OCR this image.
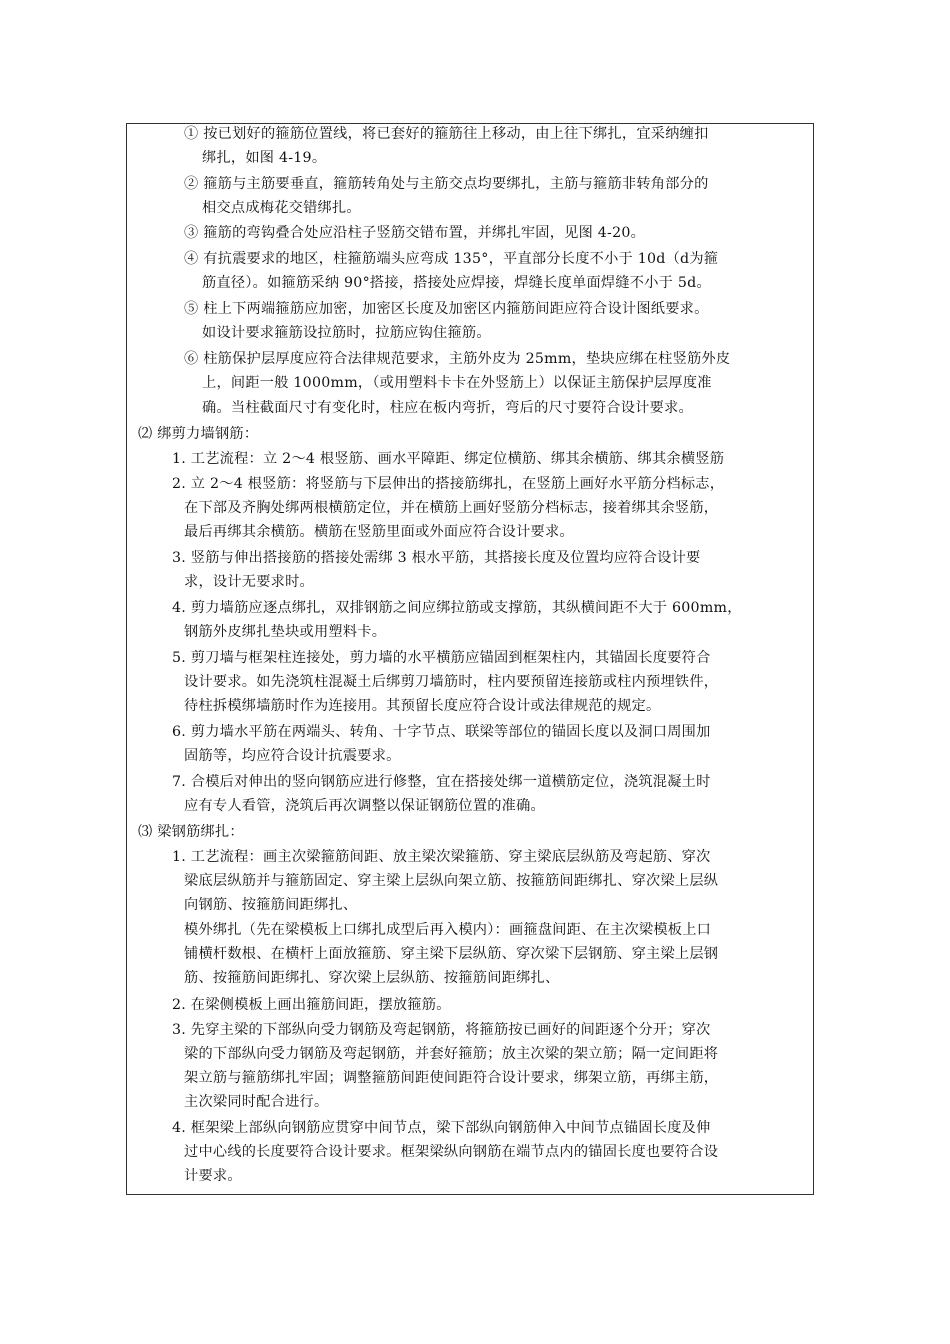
① 按已划好的箍筋位置线，将已套好的箍筋往上移动，由上往下绑扎，宜采纳缠扣
绑扎，如图 4-19。
② 箍筋与主筋要垂直，箍筋转角处与主筋交点均要绑扎，主筋与箍筋非转角部分的
相交点成梅花交错绑扎。
③ 箍筋的弯钩叠合处应沿柱子竖筋交错布置，并绑扎牢固，见图 4-20。
④ 有抗震要求的地区，柱箍筋端头应弯成 135°，平直部分长度不小于 10d（d为箍
筋直径）。如箍筋采纳 90°搭接，搭接处应焊接，焊缝长度单面焊缝不小于 5d。
⑤ 柱上下两端箍筋应加密，加密区长度及加密区内箍筋间距应符合设计图纸要求。
如设计要求箍筋设拉筋时，拉筋应钩住箍筋。
⑥ 柱筋保护层厚度应符合法律规范要求，主筋外皮为 25mm，垫块应绑在柱竖筋外皮
上，间距一般 1000mm，（或用塑料卡卡在外竖筋上）以保证主筋保护层厚度准
确。当柱截面尺寸有变化时，柱应在板内弯折，弯后的尺寸要符合设计要求。
⑵ 绑剪力墙钢筋：
1. 工艺流程：立 2～4 根竖筋、画水平障距、绑定位横筋、绑其余横筋、绑其余横竖筋
2. 立 2～4 根竖筋：将竖筋与下层伸出的搭接筋绑扎，在竖筋上画好水平筋分档标志，
在下部及齐胸处绑两根横筋定位，并在横筋上画好竖筋分档标志，接着绑其余竖筋，
最后再绑其余横筋。横筋在竖筋里面或外面应符合设计要求。
3. 竖筋与伸出搭接筋的搭接处需绑 3 根水平筋，其搭接长度及位置均应符合设计要
求，设计无要求时。
4. 剪力墙筋应逐点绑扎，双排钢筋之间应绑拉筋或支撑筋，其纵横间距不大于 600mm，
钢筋外皮绑扎垫块或用塑料卡。
5. 剪刀墙与框架柱连接处，剪力墙的水平横筋应锚固到框架柱内，其锚固长度要符合
设计要求。如先浇筑柱混凝土后绑剪刀墙筋时，柱内要预留连接筋或柱内预埋铁件，
待柱拆模绑墙筋时作为连接用。其预留长度应符合设计或法律规范的规定。
6. 剪力墙水平筋在两端头、转角、十字节点、联梁等部位的锚固长度以及洞口周围加
固筋等，均应符合设计抗震要求。
7. 合模后对伸出的竖向钢筋应进行修整，宜在搭接处绑一道横筋定位，浇筑混凝土时
应有专人看管，浇筑后再次调整以保证钢筋位置的准确。
⑶ 梁钢筋绑扎：
1. 工艺流程：画主次梁箍筋间距、放主梁次梁箍筋、穿主梁底层纵筋及弯起筋、穿次
梁底层纵筋并与箍筋固定、穿主梁上层纵向架立筋、按箍筋间距绑扎、穿次梁上层纵
向钢筋、按箍筋间距绑扎、
模外绑扎（先在梁模板上口绑扎成型后再入模内）：画箍盘间距、在主次梁模板上口
铺横杆数根、在横杆上面放箍筋、穿主梁下层纵筋、穿次梁下层钢筋、穿主梁上层钢
筋、按箍筋间距绑扎、穿次梁上层纵筋、按箍筋间距绑扎、
2. 在梁侧模板上画出箍筋间距，摆放箍筋。
3. 先穿主梁的下部纵向受力钢筋及弯起钢筋，将箍筋按已画好的间距逐个分开；穿次
梁的下部纵向受力钢筋及弯起钢筋，并套好箍筋；放主次梁的架立筋；隔一定间距将
架立筋与箍筋绑扎牢固；调整箍筋间距使间距符合设计要求，绑架立筋，再绑主筋，
主次梁同时配合进行。
4. 框架梁上部纵向钢筋应贯穿中间节点，梁下部纵向钢筋伸入中间节点锚固长度及伸
过中心线的长度要符合设计要求。框架梁纵向钢筋在端节点内的锚固长度也要符合设
计要求。
